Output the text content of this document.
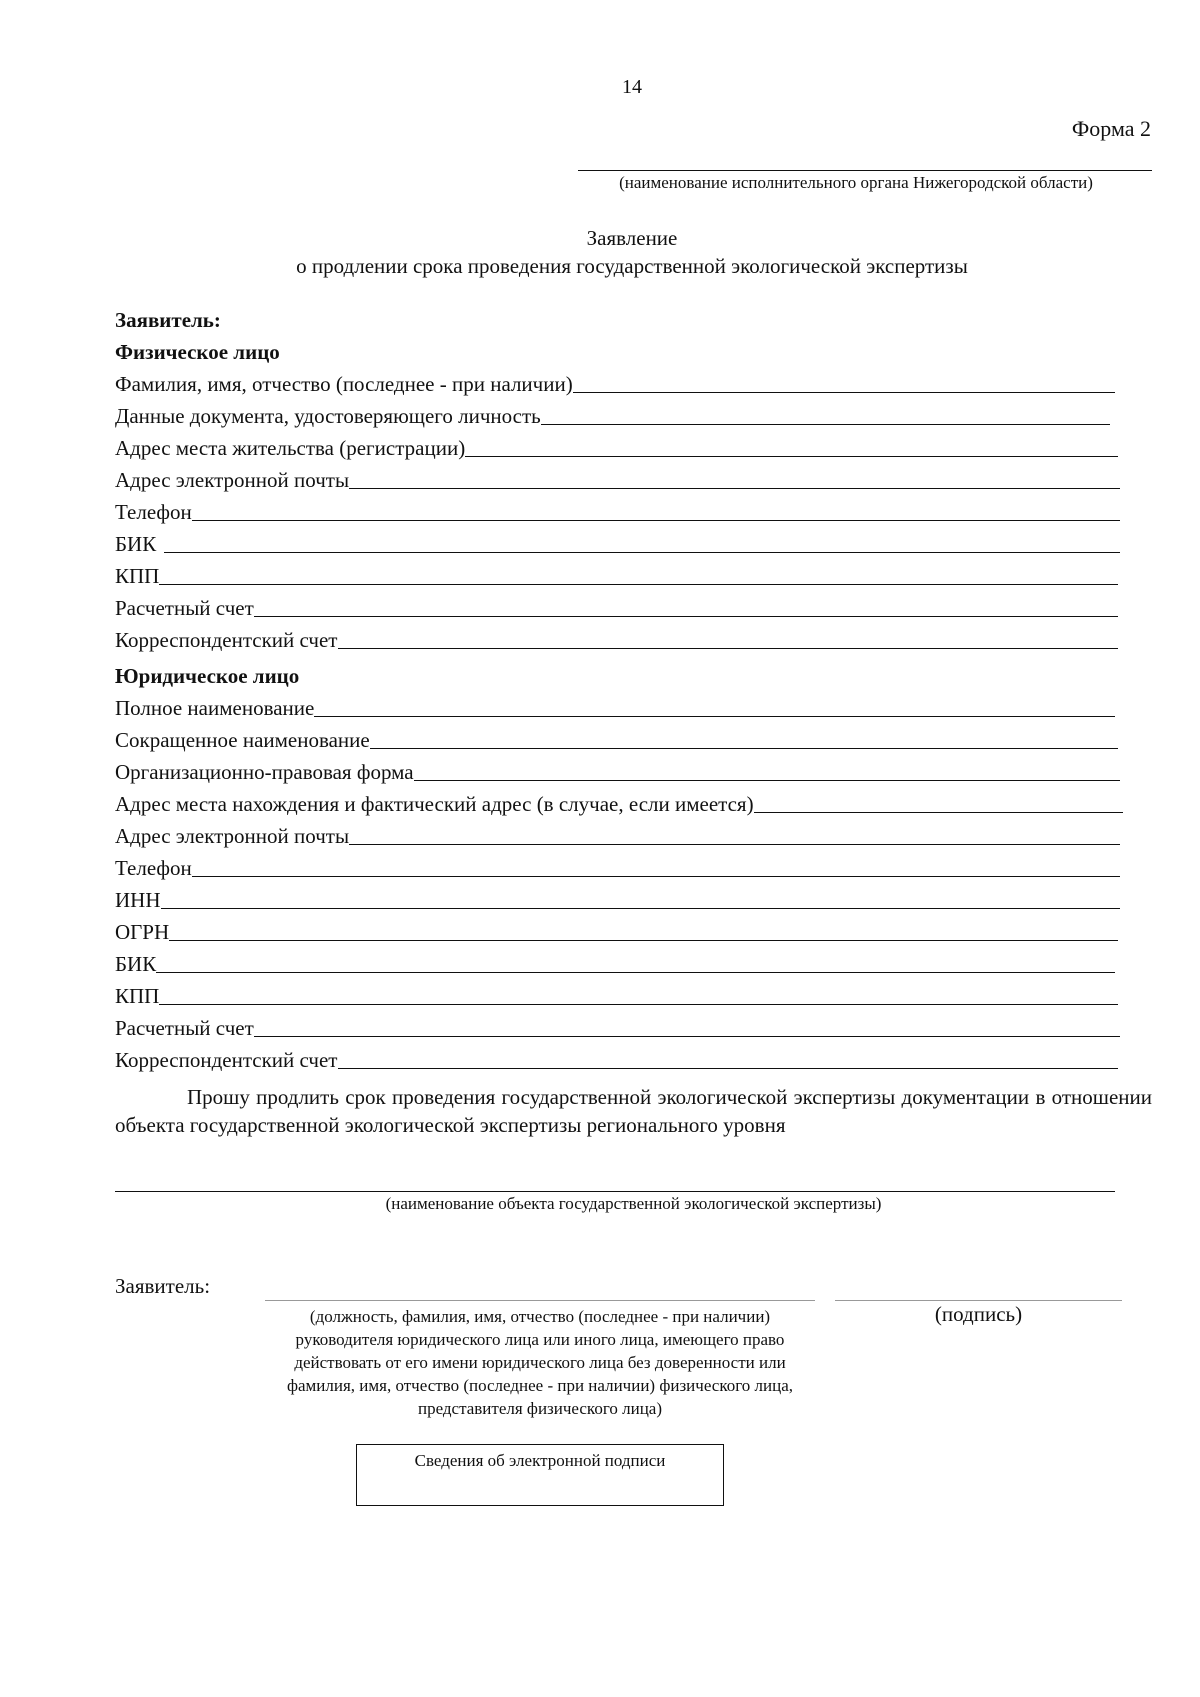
14
Форма 2
(наименование исполнительного органа Нижегородской области)
Заявление
о продлении срока проведения государственной экологической экспертизы
Заявитель:
Физическое лицо
Фамилия, имя, отчество (последнее - при наличии)
Данные документа, удостоверяющего личность
Адрес места жительства (регистрации)
Адрес электронной почты
Телефон
БИК
КПП
Расчетный счет
Корреспондентский счет
Юридическое лицо
Полное наименование
Сокращенное наименование
Организационно-правовая форма
Адрес места нахождения и фактический адрес (в случае, если имеется)
Адрес электронной почты
Телефон
ИНН
ОГРН
БИК
КПП
Расчетный счет
Корреспондентский счет
Прошу продлить срок проведения государственной экологической экспертизы документации в отношении объекта государственной экологической экспертизы регионального уровня
(наименование объекта государственной экологической экспертизы)
Заявитель:
(должность, фамилия, имя, отчество (последнее - при наличии) руководителя юридического лица или иного лица, имеющего право действовать от его имени юридического лица без доверенности или фамилия, имя, отчество (последнее - при наличии) физического лица, представителя физического лица)
(подпись)
Сведения об электронной подписи
